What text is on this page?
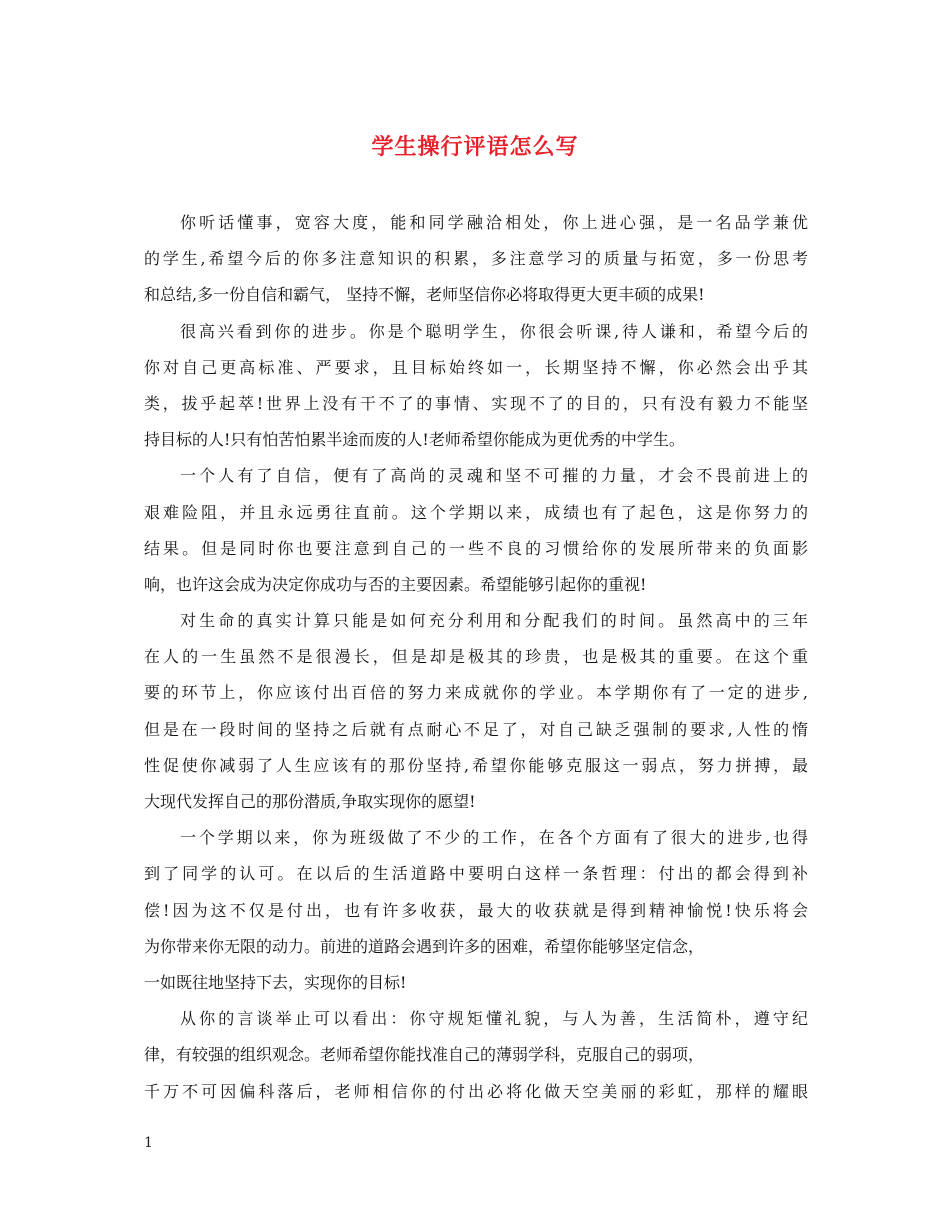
学生操行评语怎么写
你听话懂事，宽容大度，能和同学融洽相处，你上进心强，是一名品学兼优
的学生,希望今后的你多注意知识的积累，多注意学习的质量与拓宽，多一份思考
和总结,多一份自信和霸气， 坚持不懈，老师坚信你必将取得更大更丰硕的成果!
很高兴看到你的进步。你是个聪明学生，你很会听课,待人谦和，希望今后的
你对自己更高标准、严要求，且目标始终如一，长期坚持不懈，你必然会出乎其
类，拔乎起萃!世界上没有干不了的事情、实现不了的目的，只有没有毅力不能坚
持目标的人!只有怕苦怕累半途而废的人!老师希望你能成为更优秀的中学生。
一个人有了自信，便有了高尚的灵魂和坚不可摧的力量，才会不畏前进上的
艰难险阻，并且永远勇往直前。这个学期以来，成绩也有了起色，这是你努力的
结果。但是同时你也要注意到自己的一些不良的习惯给你的发展所带来的负面影
响，也许这会成为决定你成功与否的主要因素。希望能够引起你的重视!
对生命的真实计算只能是如何充分利用和分配我们的时间。虽然高中的三年
在人的一生虽然不是很漫长，但是却是极其的珍贵，也是极其的重要。在这个重
要的环节上，你应该付出百倍的努力来成就你的学业。本学期你有了一定的进步,
但是在一段时间的坚持之后就有点耐心不足了，对自己缺乏强制的要求,人性的惰
性促使你减弱了人生应该有的那份坚持,希望你能够克服这一弱点，努力拼搏，最
大现代发挥自己的那份潜质,争取实现你的愿望!
一个学期以来，你为班级做了不少的工作，在各个方面有了很大的进步,也得
到了同学的认可。在以后的生活道路中要明白这样一条哲理：付出的都会得到补
偿!因为这不仅是付出，也有许多收获，最大的收获就是得到精神愉悦!快乐将会
为你带来你无限的动力。前进的道路会遇到许多的困难，希望你能够坚定信念，
一如既往地坚持下去，实现你的目标!
从你的言谈举止可以看出：你守规矩懂礼貌，与人为善，生活简朴，遵守纪
律，有较强的组织观念。老师希望你能找准自己的薄弱学科，克服自己的弱项，
千万不可因偏科落后，老师相信你的付出必将化做天空美丽的彩虹，那样的耀眼
1
